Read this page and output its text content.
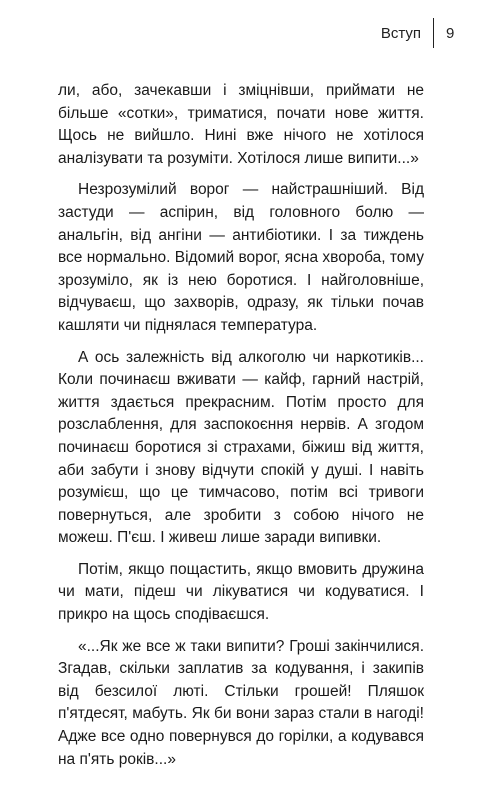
Вступ	9

ли, або, зачекавши і зміцнівши, приймати не більше «сотки», триматися, почати нове життя. Щось не вийшло. Нині вже нічого не хотілося аналізувати та розуміти. Хотілося лише випити...»

Незрозумілий ворог — найстрашніший. Від застуди — аспірин, від головного болю — анальгін, від ангіни — антибіотики. І за тиждень все нормально. Відомий ворог, ясна хвороба, тому зрозуміло, як із нею боротися. І найголовніше, відчуваєш, що захворів, одразу, як тільки почав кашляти чи піднялася температура.

А ось залежність від алкоголю чи наркотиків... Коли починаєш вживати — кайф, гарний настрій, життя здається прекрасним. Потім просто для розслаблення, для заспокоєння нервів. А згодом починаєш боротися зі страхами, біжиш від життя, аби забути і знову відчути спокій у душі. І навіть розумієш, що це тимчасово, потім всі тривоги повернуться, але зробити з собою нічого не можеш. П'єш. І живеш лише заради випивки.

Потім, якщо пощастить, якщо вмовить дружина чи мати, підеш чи лікуватися чи кодуватися. І прикро на щось сподіваєшся.

«...Як же все ж таки випити? Гроші закінчилися. Згадав, скільки заплатив за кодування, і закипів від безсилої люті. Стільки грошей! Пляшок п'ятдесят, мабуть. Як би вони зараз стали в нагоді! Адже все одно повернувся до горілки, а кодувався на п'ять років...»
